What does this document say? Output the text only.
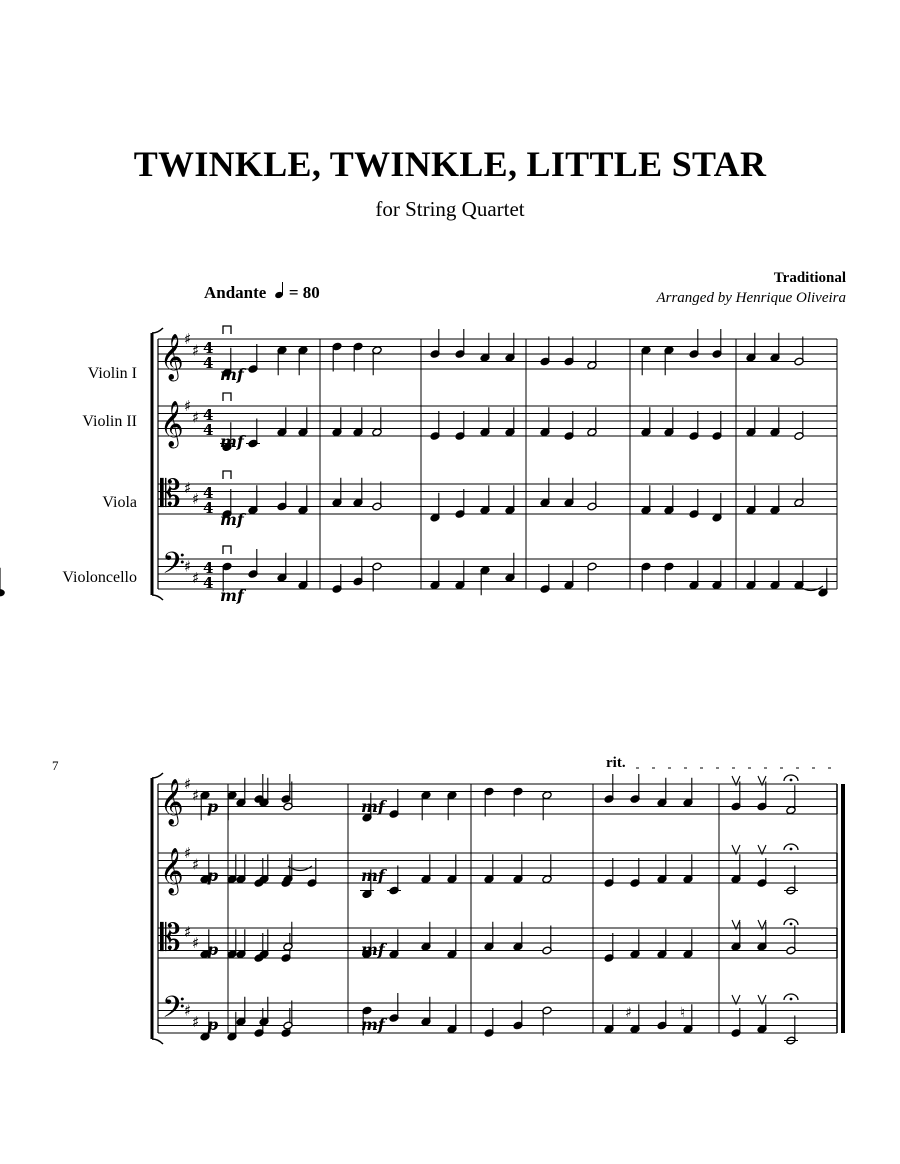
TWINKLE, TWINKLE, LITTLE STAR
for String Quartet
Traditional
Arranged by Henrique Oliveira
Andante = 80
Violin I
Violin II
Viola
Violoncello
7	rit.
𝄞 ♯
♯ 4
4
𝄞 ♯
♯ 4
4
𝄡 ♯
♯ 4
4
𝄢
♯
♯
4
4
𝄞 ♯
♯
𝄞 ♯
♯
𝄡 ♯
♯
𝄢
♯
♯
mf
mf
mf
mf
p
p
p
p
mf
mf
mf
mf
♯	♮
